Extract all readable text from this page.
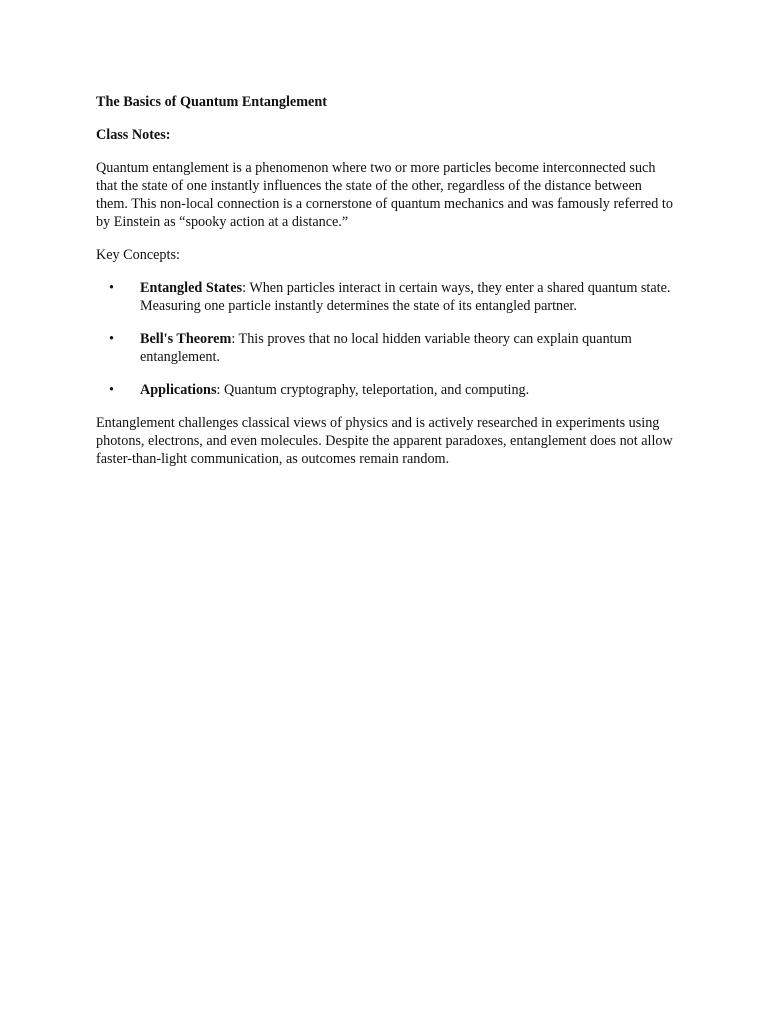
The Basics of Quantum Entanglement
Class Notes:
Quantum entanglement is a phenomenon where two or more particles become interconnected such that the state of one instantly influences the state of the other, regardless of the distance between them. This non-local connection is a cornerstone of quantum mechanics and was famously referred to by Einstein as “spooky action at a distance.”
Key Concepts:
• Entangled States: When particles interact in certain ways, they enter a shared quantum state. Measuring one particle instantly determines the state of its entangled partner.
• Bell's Theorem: This proves that no local hidden variable theory can explain quantum entanglement.
• Applications: Quantum cryptography, teleportation, and computing.
Entanglement challenges classical views of physics and is actively researched in experiments using photons, electrons, and even molecules. Despite the apparent paradoxes, entanglement does not allow faster-than-light communication, as outcomes remain random.
